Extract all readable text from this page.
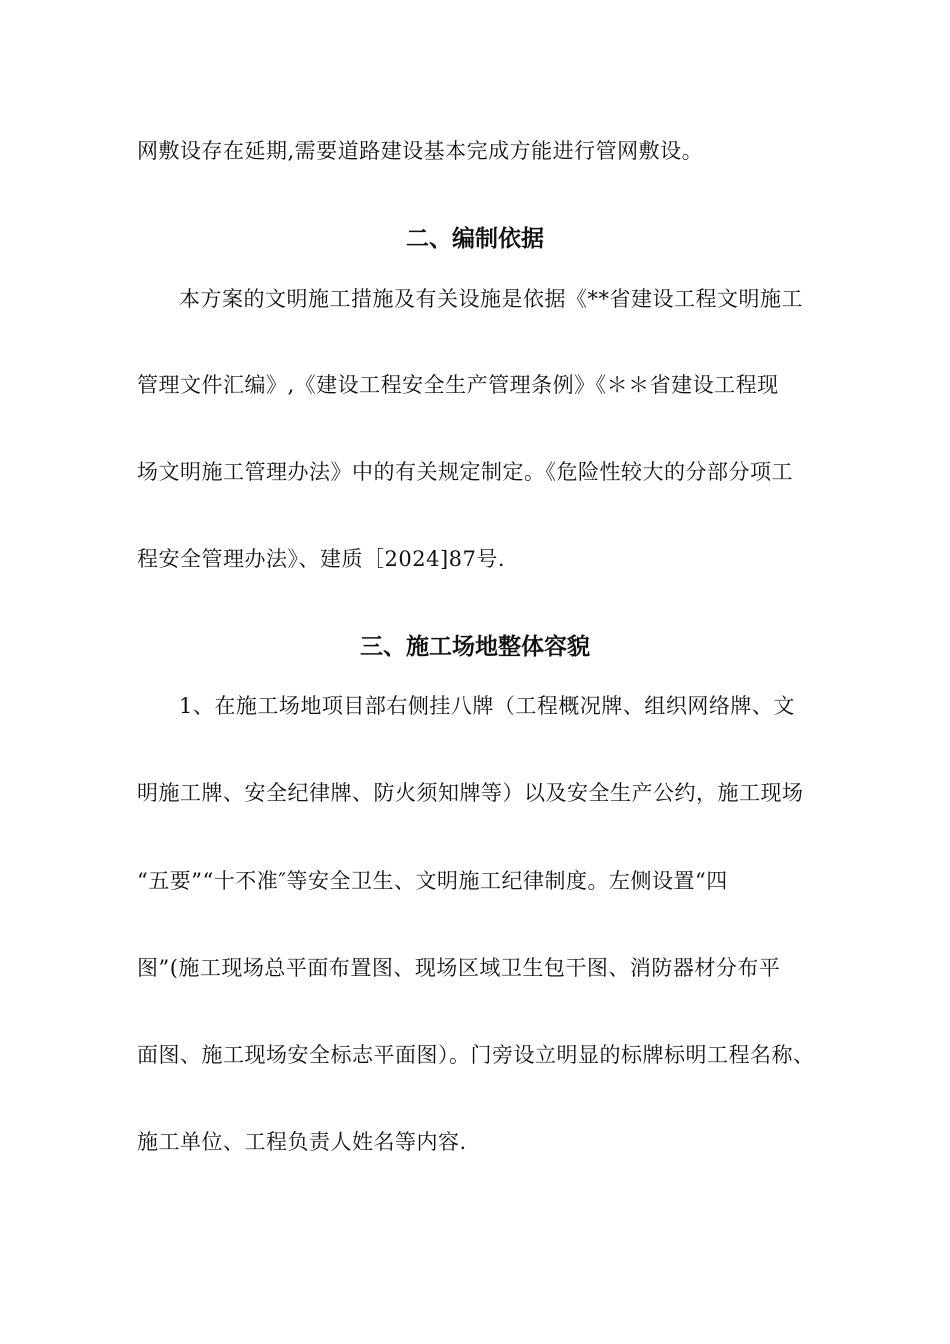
网敷设存在延期,需要道路建设基本完成方能进行管网敷设。
二、编制依据
本方案的文明施工措施及有关设施是依据《**省建设工程文明施工
管理文件汇编》,《建设工程安全生产管理条例》《＊＊省建设工程现
场文明施工管理办法》中的有关规定制定。《危险性较大的分部分项工
程安全管理办法》、建质［2024]87号.
三、施工场地整体容貌
1、在施工场地项目部右侧挂八牌（工程概况牌、组织网络牌、文
明施工牌、安全纪律牌、防火须知牌等）以及安全生产公约，施工现场
“五要”“十不准″等安全卫生、文明施工纪律制度。左侧设置“四
图”(施工现场总平面布置图、现场区域卫生包干图、消防器材分布平
面图、施工现场安全标志平面图）。门旁设立明显的标牌标明工程名称、
施工单位、工程负责人姓名等内容.
